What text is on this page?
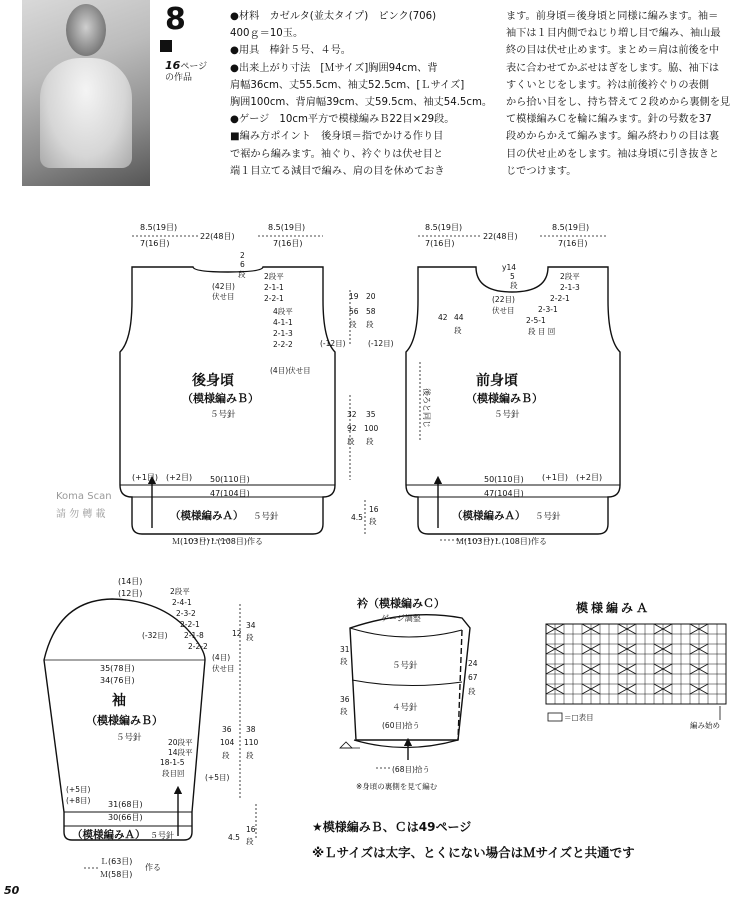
8
16ページ
の作品
●材料　カゼルタ(並太タイプ)　ピンク(706)
400ｇ＝10玉。
●用具　棒針５号、４号。
●出来上がり寸法　[Ｍサイズ]胸囲94cm、背
肩幅36cm、丈55.5cm、袖丈52.5cm、[Ｌサイズ]
胸囲100cm、背肩幅39cm、丈59.5cm、袖丈54.5cm。
●ゲージ　10cm平方で模様編みＢ22目×29段。
■編み方ポイント　後身頃＝指でかける作り目
で裾から編みます。袖ぐり、衿ぐりは伏せ目と
端１目立てる減目で編み、肩の目を休めておき
ます。前身頃＝後身頃と同様に編みます。袖＝
袖下は１目内側でねじり増し目で編み、袖山最
終の目は伏せ止めます。まとめ＝肩は前後を中
表に合わせてかぶせはぎをします。脇、袖下は
すくいとじをします。衿は前後衿ぐりの表側
から拾い目をし、持ち替えて２段めから裏側を見
て模様編みＣを輪に編みます。針の号数を37
段めからかえて編みます。編み終わりの目は裏
目の伏せ止めをします。袖は身頃に引き抜きと
じでつけます。
Koma Scan
請 勿 轉 載
8.5(19目)
7(16目)
22(48目)
8.5(19目)
7(16目)
2
6
段
(42目)
伏せ目
2段平
2-1-1
2-2-1
4段平
4-1-1
2-1-3
2-2-2
(4目)伏せ目
(-12目)
19
56
段
20
58
段
32
92
段
35
100
段
(-12目)
後身頃
（模様編みＢ）
５号針
(+1目)　(+2目) 50(110目)
47(104目)
（模様編みＡ） ５号針	4.5
16
段
Ｍ(103目)Ｌ(108目)作る
8.5(19目)
7(16目)
22(48目)
8.5(19目)
7(16目)
y14
5
段
(22目)
伏せ目
2段平
2-1-3
2-2-1
2-3-1
2-5-1
段 目 回
42 44
段
後ろと同じ
前身頃
（模様編みＢ）
５号針
(+1目)　(+2目)
50(110目)
47(104目)
（模様編みＡ） ５号針
Ｍ(103目)Ｌ(108目)作る
(14目)
(12目)	2段平
2-4-1
2-3-2
2-2-1
2-1-8
2-2-2
(4目)
伏せ目
(-32目)	12
34
段
35(78目)
34(76目)
袖
（模様編みＢ）
５号針
36
104
段
38
110
段
20段平
14段平
18-1-5
段目回	(+5目)
(+5目)
(+8目) 31(68目)
30(66目)
（模様編みＡ） ５号針	4.5
16
段
Ｌ(63目)
Ｍ(58目)
作る
衿（模様編みＣ）
ゲージ調整
31
段
36
段
24
67
段
５号針
４号針
(60目)拾う
(68目)拾う
※身頃の裏側を見て編む
模様編みＡ
＝□表目
編み始め
★模様編みＢ、Ｃは49ページ
※Ｌサイズは太字、とくにない場合はＭサイズと共通です
50
